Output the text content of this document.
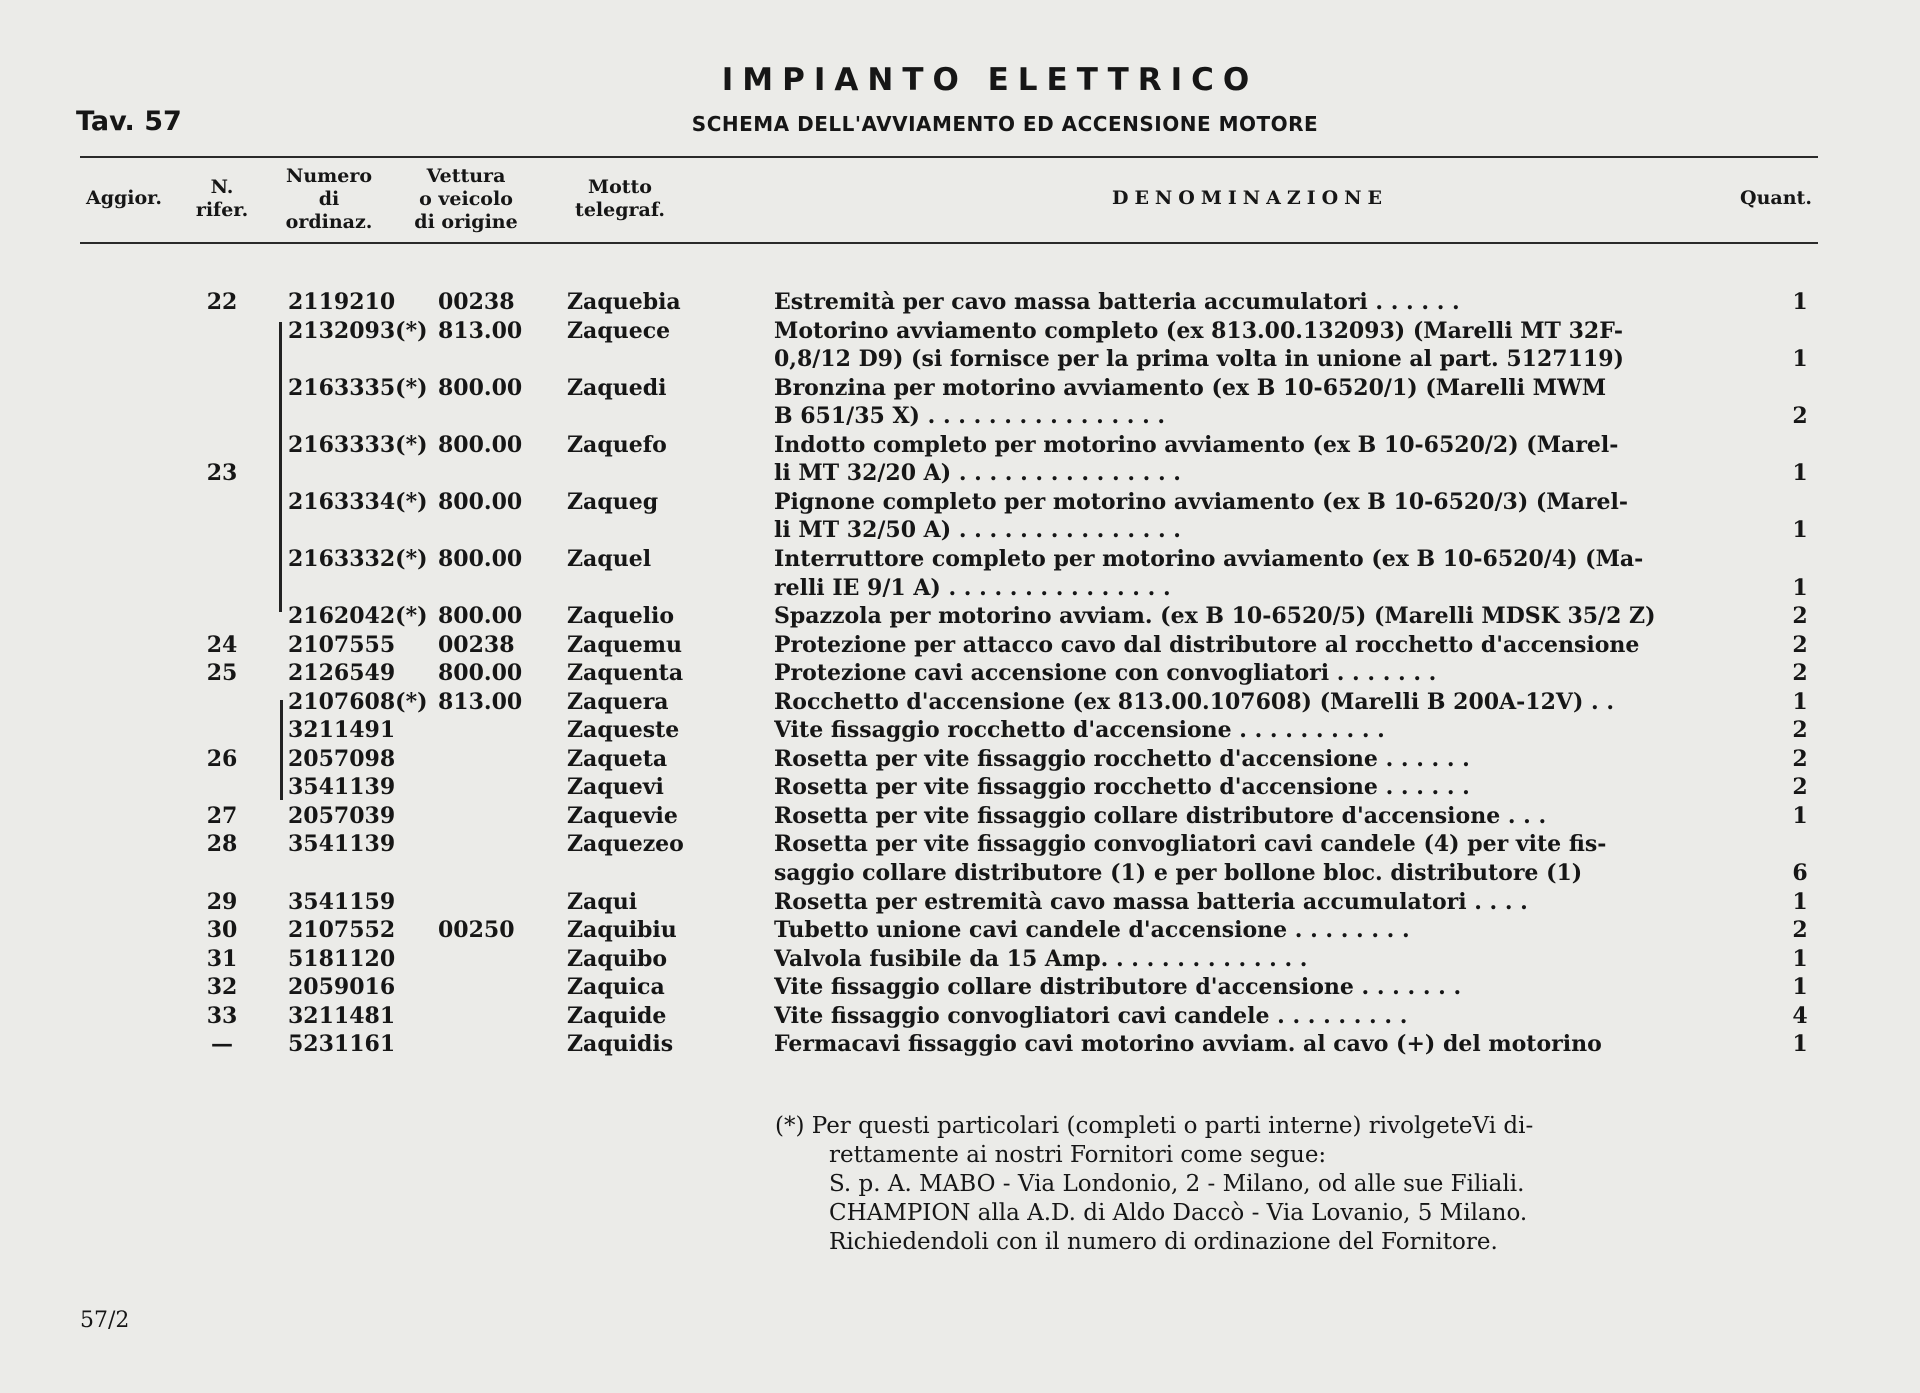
IMPIANTO ELETTRICO
SCHEMA DELL'AVVIAMENTO ED ACCENSIONE MOTORE
Tav. 57
Aggior.	N.
rifer.
Numero
di
ordinaz.
Vettura
o veicolo
di origine
Motto
telegraf.
DENOMINAZIONE	Quant.
22	2119210 00238 Zaquebia	Estremità per cavo massa batteria accumulatori . . . . . .	1
2132093(*) 813.00 Zaquece	Motorino avviamento completo (ex 813.00.132093) (Marelli MT 32F-
0,8/12 D9) (si fornisce per la prima volta in unione al part. 5127119)	1
2163335(*) 800.00 Zaquedi	Bronzina per motorino avviamento (ex B 10-6520/1) (Marelli MWM
B 651/35 X) . . . . . . . . . . . . . . . .	2
2163333(*) 800.00 Zaquefo	Indotto completo per motorino avviamento (ex B 10-6520/2) (Marel-
23	li MT 32/20 A) . . . . . . . . . . . . . . .	1
2163334(*) 800.00 Zaqueg	Pignone completo per motorino avviamento (ex B 10-6520/3) (Marel-
li MT 32/50 A) . . . . . . . . . . . . . . .	1
2163332(*) 800.00 Zaquel	Interruttore completo per motorino avviamento (ex B 10-6520/4) (Ma-
relli IE 9/1 A) . . . . . . . . . . . . . . .	1
2162042(*) 800.00 Zaquelio	Spazzola per motorino avviam. (ex B 10-6520/5) (Marelli MDSK 35/2 Z)	2
24	2107555 00238 Zaquemu	Protezione per attacco cavo dal distributore al rocchetto d'accensione	2
25	2126549 800.00 Zaquenta	Protezione cavi accensione con convogliatori . . . . . . .	2
2107608(*) 813.00 Zaquera	Rocchetto d'accensione (ex 813.00.107608) (Marelli B 200A-12V) . .	1
3211491	Zaqueste	Vite fissaggio rocchetto d'accensione . . . . . . . . . .	2
26	2057098	Zaqueta	Rosetta per vite fissaggio rocchetto d'accensione . . . . . .	2
3541139	Zaquevi	Rosetta per vite fissaggio rocchetto d'accensione . . . . . .	2
27	2057039	Zaquevie	Rosetta per vite fissaggio collare distributore d'accensione . . .	1
28	3541139	Zaquezeo	Rosetta per vite fissaggio convogliatori cavi candele (4) per vite fis-
saggio collare distributore (1) e per bollone bloc. distributore (1)	6
29	3541159	Zaqui	Rosetta per estremità cavo massa batteria accumulatori . . . .	1
30	2107552 00250 Zaquibiu	Tubetto unione cavi candele d'accensione . . . . . . . .	2
31	5181120	Zaquibo	Valvola fusibile da 15 Amp. . . . . . . . . . . . . .	1
32	2059016	Zaquica	Vite fissaggio collare distributore d'accensione . . . . . . .	1
33	3211481	Zaquide	Vite fissaggio convogliatori cavi candele . . . . . . . . .	4
—	5231161	Zaquidis	Fermacavi fissaggio cavi motorino avviam. al cavo (+) del motorino	1
(*) Per questi particolari (completi o parti interne) rivolgeteVi di-
rettamente ai nostri Fornitori come segue:
S. p. A. MABO - Via Londonio, 2 - Milano, od alle sue Filiali.
CHAMPION alla A.D. di Aldo Daccò - Via Lovanio, 5 Milano.
Richiedendoli con il numero di ordinazione del Fornitore.
57/2
